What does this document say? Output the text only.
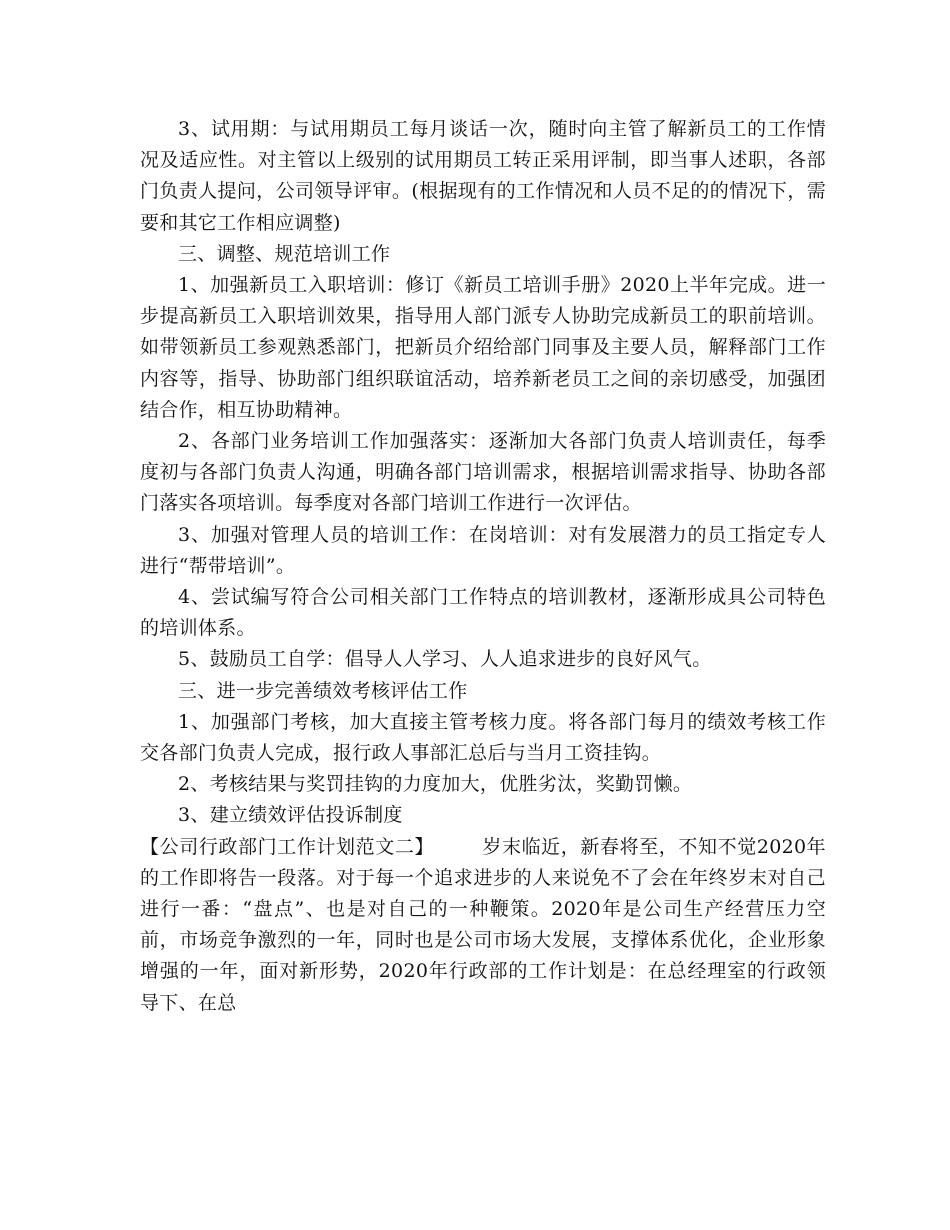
3、试用期：与试用期员工每月谈话一次，随时向主管了解新员工的工作情况及适应性。对主管以上级别的试用期员工转正采用评制，即当事人述职，各部门负责人提问，公司领导评审。(根据现有的工作情况和人员不足的的情况下，需要和其它工作相应调整)

三、调整、规范培训工作

1、加强新员工入职培训：修订《新员工培训手册》2020上半年完成。进一步提高新员工入职培训效果，指导用人部门派专人协助完成新员工的职前培训。如带领新员工参观熟悉部门，把新员介绍给部门同事及主要人员，解释部门工作内容等，指导、协助部门组织联谊活动，培养新老员工之间的亲切感受，加强团结合作，相互协助精神。

2、各部门业务培训工作加强落实：逐渐加大各部门负责人培训责任，每季度初与各部门负责人沟通，明确各部门培训需求，根据培训需求指导、协助各部门落实各项培训。每季度对各部门培训工作进行一次评估。

3、加强对管理人员的培训工作：在岗培训：对有发展潜力的员工指定专人进行“帮带培训”。

4、尝试编写符合公司相关部门工作特点的培训教材，逐渐形成具公司特色的培训体系。

5、鼓励员工自学：倡导人人学习、人人追求进步的良好风气。

三、进一步完善绩效考核评估工作

1、加强部门考核，加大直接主管考核力度。将各部门每月的绩效考核工作交各部门负责人完成，报行政人事部汇总后与当月工资挂钩。

2、考核结果与奖罚挂钩的力度加大，优胜劣汰，奖勤罚懒。

3、建立绩效评估投诉制度

【公司行政部门工作计划范文二】	岁末临近，新春将至，不知不觉2020年的工作即将告一段落。对于每一个追求进步的人来说免不了会在年终岁末对自己进行一番：“盘点”、也是对自己的一种鞭策。2020年是公司生产经营压力空前，市场竞争激烈的一年，同时也是公司市场大发展，支撑体系优化，企业形象增强的一年，面对新形势，2020年行政部的工作计划是：在总经理室的行政领导下、在总
